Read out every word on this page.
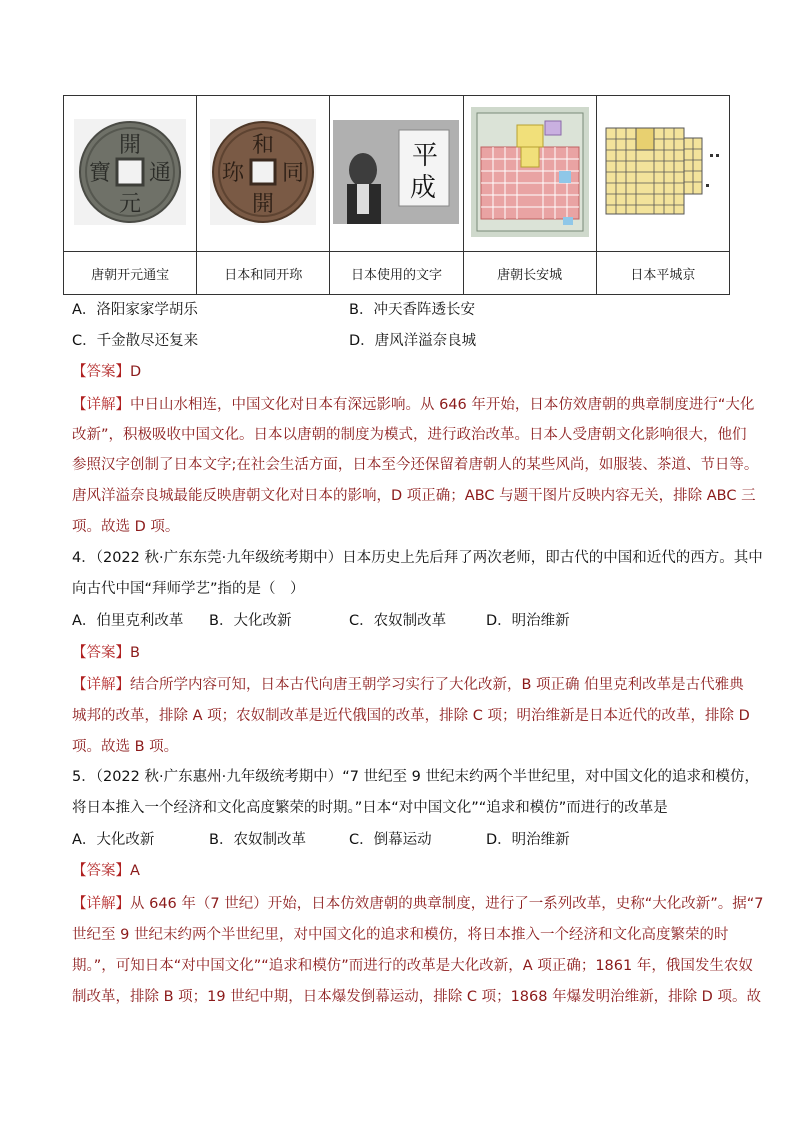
開
元
通
寶	和
同
開
珎	平
成

唐朝开元通宝	日本和同开珎	日本使用的文字	唐朝长安城	日本平城京
A．洛阳家家学胡乐	B．冲天香阵透长安
C．千金散尽还复来	D．唐风洋溢奈良城
【答案】D
【详解】中日山水相连，中国文化对日本有深远影响。从 646 年开始，日本仿效唐朝的典章制度进行“大化
改新”，积极吸收中国文化。日本以唐朝的制度为模式，进行政治改革。日本人受唐朝文化影响很大，他们
参照汉字创制了日本文字;在社会生活方面，日本至今还保留着唐朝人的某些风尚，如服装、茶道、节日等。
唐风洋溢奈良城最能反映唐朝文化对日本的影响，D 项正确；ABC 与题干图片反映内容无关，排除 ABC 三
项。故选 D 项。
4．（2022 秋·广东东莞·九年级统考期中）日本历史上先后拜了两次老师，即古代的中国和近代的西方。其中
向古代中国“拜师学艺”指的是（　）
A．伯里克利改革 B．大化改新	C．农奴制改革	D．明治维新
【答案】B
【详解】结合所学内容可知，日本古代向唐王朝学习实行了大化改新，B 项正确 伯里克利改革是古代雅典
城邦的改革，排除 A 项；农奴制改革是近代俄国的改革，排除 C 项；明治维新是日本近代的改革，排除 D
项。故选 B 项。
5．（2022 秋·广东惠州·九年级统考期中）“7 世纪至 9 世纪末约两个半世纪里，对中国文化的追求和模仿，
将日本推入一个经济和文化高度繁荣的时期。”日本“对中国文化”“追求和模仿”而进行的改革是
A．大化改新	B．农奴制改革	C．倒幕运动	D．明治维新
【答案】A
【详解】从 646 年（7 世纪）开始，日本仿效唐朝的典章制度，进行了一系列改革，史称“大化改新”。据“7
世纪至 9 世纪末约两个半世纪里，对中国文化的追求和模仿，将日本推入一个经济和文化高度繁荣的时
期。”，可知日本“对中国文化”“追求和模仿”而进行的改革是大化改新，A 项正确；1861 年，俄国发生农奴
制改革，排除 B 项；19 世纪中期，日本爆发倒幕运动，排除 C 项；1868 年爆发明治维新，排除 D 项。故
